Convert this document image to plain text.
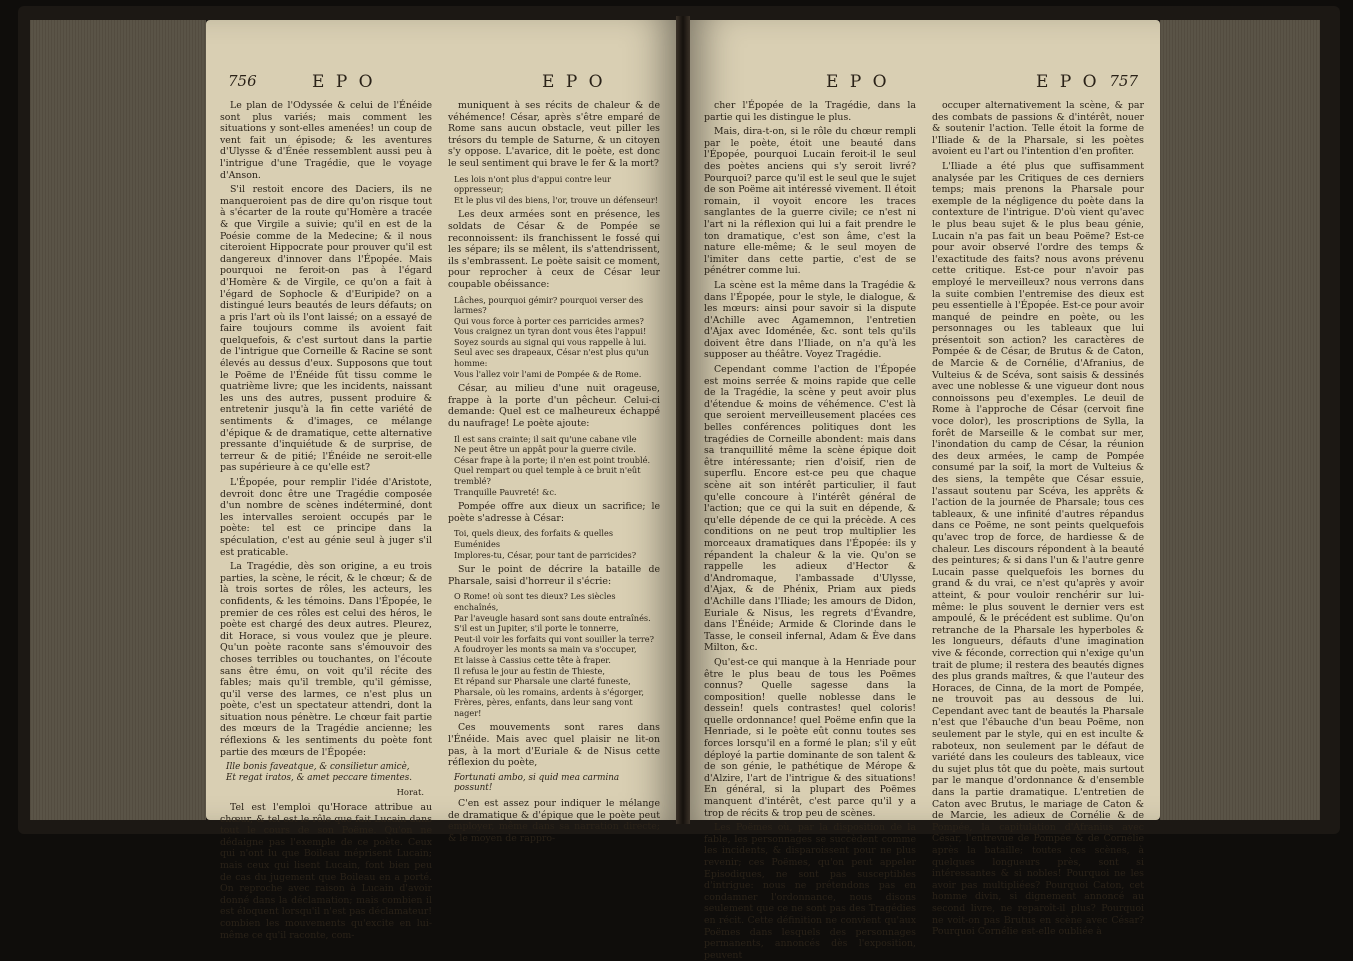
756	E P O	E P O

Le plan de l'Odyssée & celui de l'Énéide sont plus variés; mais comment les situations y sont-elles amenées! un coup de vent fait un épisode; & les aventures d'Ulysse & d'Énée ressemblent aussi peu à l'intrigue d'une Tragédie, que le voyage d'Anson.

S'il restoit encore des Daciers, ils ne manqueroient pas de dire qu'on risque tout à s'écarter de la route qu'Homère a tracée & que Virgile a suivie; qu'il en est de la Poésie comme de la Medecine; & il nous citeroient Hippocrate pour prouver qu'il est dangereux d'innover dans l'Épopée. Mais pourquoi ne feroit-on pas à l'égard d'Homère & de Virgile, ce qu'on a fait à l'égard de Sophocle & d'Euripide? on a distingué leurs beautés de leurs défauts; on a pris l'art où ils l'ont laissé; on a essayé de faire toujours comme ils avoient fait quelquefois, & c'est surtout dans la partie de l'intrigue que Corneille & Racine se sont élevés au dessus d'eux. Supposons que tout le Poëme de l'Énéide fût tissu comme le quatrième livre; que les incidents, naissant les uns des autres, pussent produire & entretenir jusqu'à la fin cette variété de sentiments & d'images, ce mélange d'épique & de dramatique, cette alternative pressante d'inquiétude & de surprise, de terreur & de pitié; l'Énéide ne seroit-elle pas supérieure à ce qu'elle est?

L'Épopée, pour remplir l'idée d'Aristote, devroit donc être une Tragédie composée d'un nombre de scènes indéterminé, dont les intervalles seroient occupés par le poète: tel est ce principe dans la spéculation, c'est au génie seul à juger s'il est praticable.

La Tragédie, dès son origine, a eu trois parties, la scène, le récit, & le chœur; & de là trois sortes de rôles, les acteurs, les confidents, & les témoins. Dans l'Épopée, le premier de ces rôles est celui des héros, le poète est chargé des deux autres. Pleurez, dit Horace, si vous voulez que je pleure. Qu'un poète raconte sans s'émouvoir des choses terribles ou touchantes, on l'écoute sans être ému, on voit qu'il récite des fables; mais qu'il tremble, qu'il gémisse, qu'il verse des larmes, ce n'est plus un poète, c'est un spectateur attendri, dont la situation nous pénètre. Le chœur fait partie des mœurs de la Tragédie ancienne; les réflexions & les sentiments du poète font partie des mœurs de l'Épopée:

Ille bonis faveatque, & consilietur amicè,
Et regat iratos, & amet peccare timentes.

Horat.

Tel est l'emploi qu'Horace attribue au chœur, & tel est le rôle que fait Lucain dans tout le cours de son Poëme. Qu'on ne dédaigne pas l'exemple de ce poète. Ceux qui n'ont lu que Boileau méprisent Lucain; mais ceux qui lisent Lucain, font bien peu de cas du jugement que Boileau en a porté. On reproche avec raison à Lucain d'avoir donné dans la déclamation; mais combien il est éloquent lorsqu'il n'est pas déclamateur! combien les mouvements qu'excite en lui-même ce qu'il raconte, com-

muniquent à ses récits de chaleur & de véhémence! César, après s'être emparé de Rome sans aucun obstacle, veut piller les trésors du temple de Saturne, & un citoyen s'y oppose. L'avarice, dit le poète, est donc le seul sentiment qui brave le fer & la mort?

Les lois n'ont plus d'appui contre leur oppresseur;
Et le plus vil des biens, l'or, trouve un défenseur!

Les deux armées sont en présence, les soldats de César & de Pompée se reconnoissent: ils franchissent le fossé qui les sépare; ils se mêlent, ils s'attendrissent, ils s'embrassent. Le poète saisit ce moment, pour reprocher à ceux de César leur coupable obéissance:

Lâches, pourquoi gémir? pourquoi verser des larmes?
Qui vous force à porter ces parricides armes?
Vous craignez un tyran dont vous êtes l'appui!
Soyez sourds au signal qui vous rappelle à lui.
Seul avec ses drapeaux, César n'est plus qu'un homme:
Vous l'allez voir l'ami de Pompée & de Rome.

César, au milieu d'une nuit orageuse, frappe à la porte d'un pêcheur. Celui-ci demande: Quel est ce malheureux échappé du naufrage! Le poète ajoute:

Il est sans crainte; il sait qu'une cabane vile
Ne peut être un appât pour la guerre civile.
César frape à la porte; il n'en est point troublé.
Quel rempart ou quel temple à ce bruit n'eût tremblé?
Tranquille Pauvreté! &c.

Pompée offre aux dieux un sacrifice; le poète s'adresse à César:

Toi, quels dieux, des forfaits & quelles Euménides
Implores-tu, César, pour tant de parricides?

Sur le point de décrire la bataille de Pharsale, saisi d'horreur il s'écrie:

O Rome! où sont tes dieux? Les siècles enchaînés,
Par l'aveugle hasard sont sans doute entraînés.
S'il est un Jupiter, s'il porte le tonnerre,
Peut-il voir les forfaits qui vont souiller la terre?
A foudroyer les monts sa main va s'occuper,
Et laisse à Cassius cette tête à fraper.
Il refusa le jour au festin de Thieste,
Et répand sur Pharsale une clarté funeste,
Pharsale, où les romains, ardents à s'égorger,
Frères, pères, enfants, dans leur sang vont nager!

Ces mouvements sont rares dans l'Énéide. Mais avec quel plaisir ne lit-on pas, à la mort d'Euriale & de Nisus cette réflexion du poète,

Fortunati ambo, si quid mea carmina possunt!

C'en est assez pour indiquer le mélange de dramatique & d'épique que le poète peut employer, même dans sa narration directe; & le moyen de rappro-

E P O	E P O 757

cher l'Épopée de la Tragédie, dans la partie qui les distingue le plus.

Mais, dira-t-on, si le rôle du chœur rempli par le poète, étoit une beauté dans l'Épopée, pourquoi Lucain feroit-il le seul des poètes anciens qui s'y seroit livré? Pourquoi? parce qu'il est le seul que le sujet de son Poëme ait intéressé vivement. Il étoit romain, il voyoit encore les traces sanglantes de la guerre civile; ce n'est ni l'art ni la réflexion qui lui a fait prendre le ton dramatique, c'est son âme, c'est la nature elle-même; & le seul moyen de l'imiter dans cette partie, c'est de se pénétrer comme lui.

La scène est la même dans la Tragédie & dans l'Épopée, pour le style, le dialogue, & les mœurs: ainsi pour savoir si la dispute d'Achille avec Agamemnon, l'entretien d'Ajax avec Idoménée, &c. sont tels qu'ils doivent être dans l'Iliade, on n'a qu'à les supposer au théâtre. Voyez Tragédie.

Cependant comme l'action de l'Épopée est moins serrée & moins rapide que celle de la Tragédie, la scène y peut avoir plus d'étendue & moins de véhémence. C'est là que seroient merveilleusement placées ces belles conférences politiques dont les tragédies de Corneille abondent: mais dans sa tranquillité même la scène épique doit être intéressante; rien d'oisif, rien de superflu. Encore est-ce peu que chaque scène ait son intérêt particulier, il faut qu'elle concoure à l'intérêt général de l'action; que ce qui la suit en dépende, & qu'elle dépende de ce qui la précède. A ces conditions on ne peut trop multiplier les morceaux dramatiques dans l'Épopée: ils y répandent la chaleur & la vie. Qu'on se rappelle les adieux d'Hector & d'Andromaque, l'ambassade d'Ulysse, d'Ajax, & de Phénix, Priam aux pieds d'Achille dans l'Iliade; les amours de Didon, Euriale & Nisus, les regrets d'Évandre, dans l'Énéide; Armide & Clorinde dans le Tasse, le conseil infernal, Adam & Ève dans Milton, &c.

Qu'est-ce qui manque à la Henriade pour être le plus beau de tous les Poëmes connus? Quelle sagesse dans la composition! quelle noblesse dans le dessein! quels contrastes! quel coloris! quelle ordonnance! quel Poëme enfin que la Henriade, si le poète eût connu toutes ses forces lorsqu'il en a formé le plan; s'il y eût déployé la partie dominante de son talent & de son génie, le pathétique de Mérope & d'Alzire, l'art de l'intrigue & des situations! En général, si la plupart des Poëmes manquent d'intérêt, c'est parce qu'il y a trop de récits & trop peu de scènes.

Les Poëmes où, par la disposition de la fable, les personnages se succèdent comme les incidents, & disparoissent pour ne plus revenir; ces Poëmes, qu'on peut appeler Episodiques, ne sont pas susceptibles d'intrigue: nous ne prétendons pas en condamner l'ordonnance, nous disons seulement que ce ne sont pas des Tragédies en récit. Cette définition ne convient qu'aux Poëmes dans lesquels des personnages permanents, annoncés dès l'exposition, peuvent

occuper alternativement la scène, & par des combats de passions & d'intérêt, nouer & soutenir l'action. Telle étoit la forme de l'Iliade & de la Pharsale, si les poètes avoient eu l'art ou l'intention d'en profiter.

L'Iliade a été plus que suffisamment analysée par les Critiques de ces derniers temps; mais prenons la Pharsale pour exemple de la négligence du poète dans la contexture de l'intrigue. D'où vient qu'avec le plus beau sujet & le plus beau génie, Lucain n'a pas fait un beau Poëme? Est-ce pour avoir observé l'ordre des temps & l'exactitude des faits? nous avons prévenu cette critique. Est-ce pour n'avoir pas employé le merveilleux? nous verrons dans la suite combien l'entremise des dieux est peu essentielle à l'Épopée. Est-ce pour avoir manqué de peindre en poète, ou les personnages ou les tableaux que lui présentoit son action? les caractères de Pompée & de César, de Brutus & de Caton, de Marcie & de Cornélie, d'Afranius, de Vulteius & de Scéva, sont saisis & dessinés avec une noblesse & une vigueur dont nous connoissons peu d'exemples. Le deuil de Rome à l'approche de César (cervoit fine voce dolor), les proscriptions de Sylla, la forêt de Marseille & le combat sur mer, l'inondation du camp de César, la réunion des deux armées, le camp de Pompée consumé par la soif, la mort de Vulteius & des siens, la tempête que César essuie, l'assaut soutenu par Scéva, les apprêts & l'action de la journée de Pharsale; tous ces tableaux, & une infinité d'autres répandus dans ce Poëme, ne sont peints quelquefois qu'avec trop de force, de hardiesse & de chaleur. Les discours répondent à la beauté des peintures; & si dans l'un & l'autre genre Lucain passe quelquefois les bornes du grand & du vrai, ce n'est qu'après y avoir atteint, & pour vouloir renchérir sur lui-même: le plus souvent le dernier vers est ampoulé, & le précédent est sublime. Qu'on retranche de la Pharsale les hyperboles & les longueurs, défauts d'une imagination vive & féconde, correction qui n'exige qu'un trait de plume; il restera des beautés dignes des plus grands maîtres, & que l'auteur des Horaces, de Cinna, de la mort de Pompée, ne trouvoit pas au dessous de lui. Cependant avec tant de beautés la Pharsale n'est que l'ébauche d'un beau Poëme, non seulement par le style, qui en est inculte & raboteux, non seulement par le défaut de variété dans les couleurs des tableaux, vice du sujet plus tôt que du poète, mais surtout par le manque d'ordonnance & d'ensemble dans la partie dramatique. L'entretien de Caton avec Brutus, le mariage de Caton & de Marcie, les adieux de Cornélie & de Pompée, la capitulation d'Afranius avec César, l'entrevue de Pompée & de Cornélie après la bataille; toutes ces scènes, à quelques longueurs près, sont si intéressantes & si nobles! Pourquoi ne les avoir pas multipliées? Pourquoi Caton, cet homme divin, si dignement annoncé au second livre, ne reparoît-il plus? Pourquoi ne voit-on pas Brutus en scène avec César? Pourquoi Cornélie est-elle oubliée à
